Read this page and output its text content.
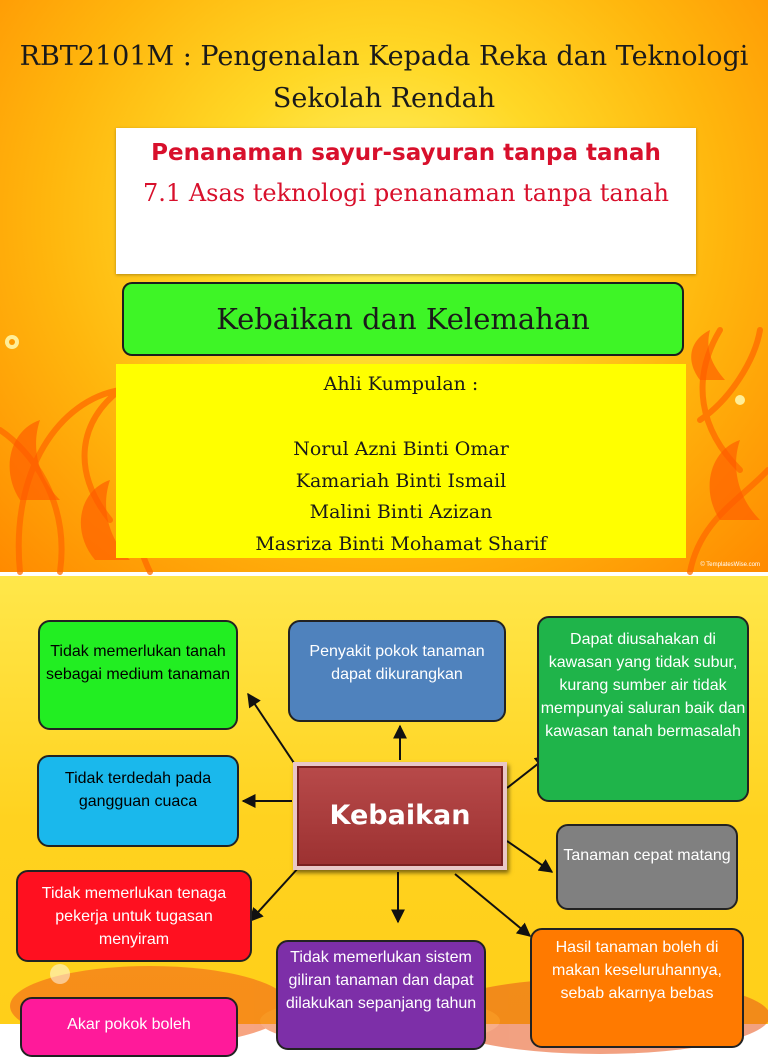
RBT2101M : Pengenalan Kepada Reka dan Teknologi
Sekolah Rendah
Penanaman sayur-sayuran tanpa tanah
7.1 Asas teknologi penanaman tanpa tanah
Kebaikan dan Kelemahan
Ahli Kumpulan :
Norul Azni Binti Omar
Kamariah Binti Ismail
Malini Binti Azizan
Masriza Binti Mohamat Sharif
© TemplatesWise.com
Tidak memerlukan tanah sebagai medium tanaman
Penyakit pokok tanaman dapat dikurangkan
Dapat diusahakan di kawasan yang tidak subur, kurang sumber air tidak mempunyai saluran baik dan kawasan tanah bermasalah
Tidak terdedah pada gangguan cuaca	Kebaikan
Tanaman cepat matang
Tidak memerlukan tenaga pekerja untuk tugasan menyiram
Tidak memerlukan sistem giliran tanaman dan dapat dilakukan sepanjang tahun
Hasil tanaman boleh di makan keseluruhannya, sebab akarnya bebas
Akar pokok boleh
